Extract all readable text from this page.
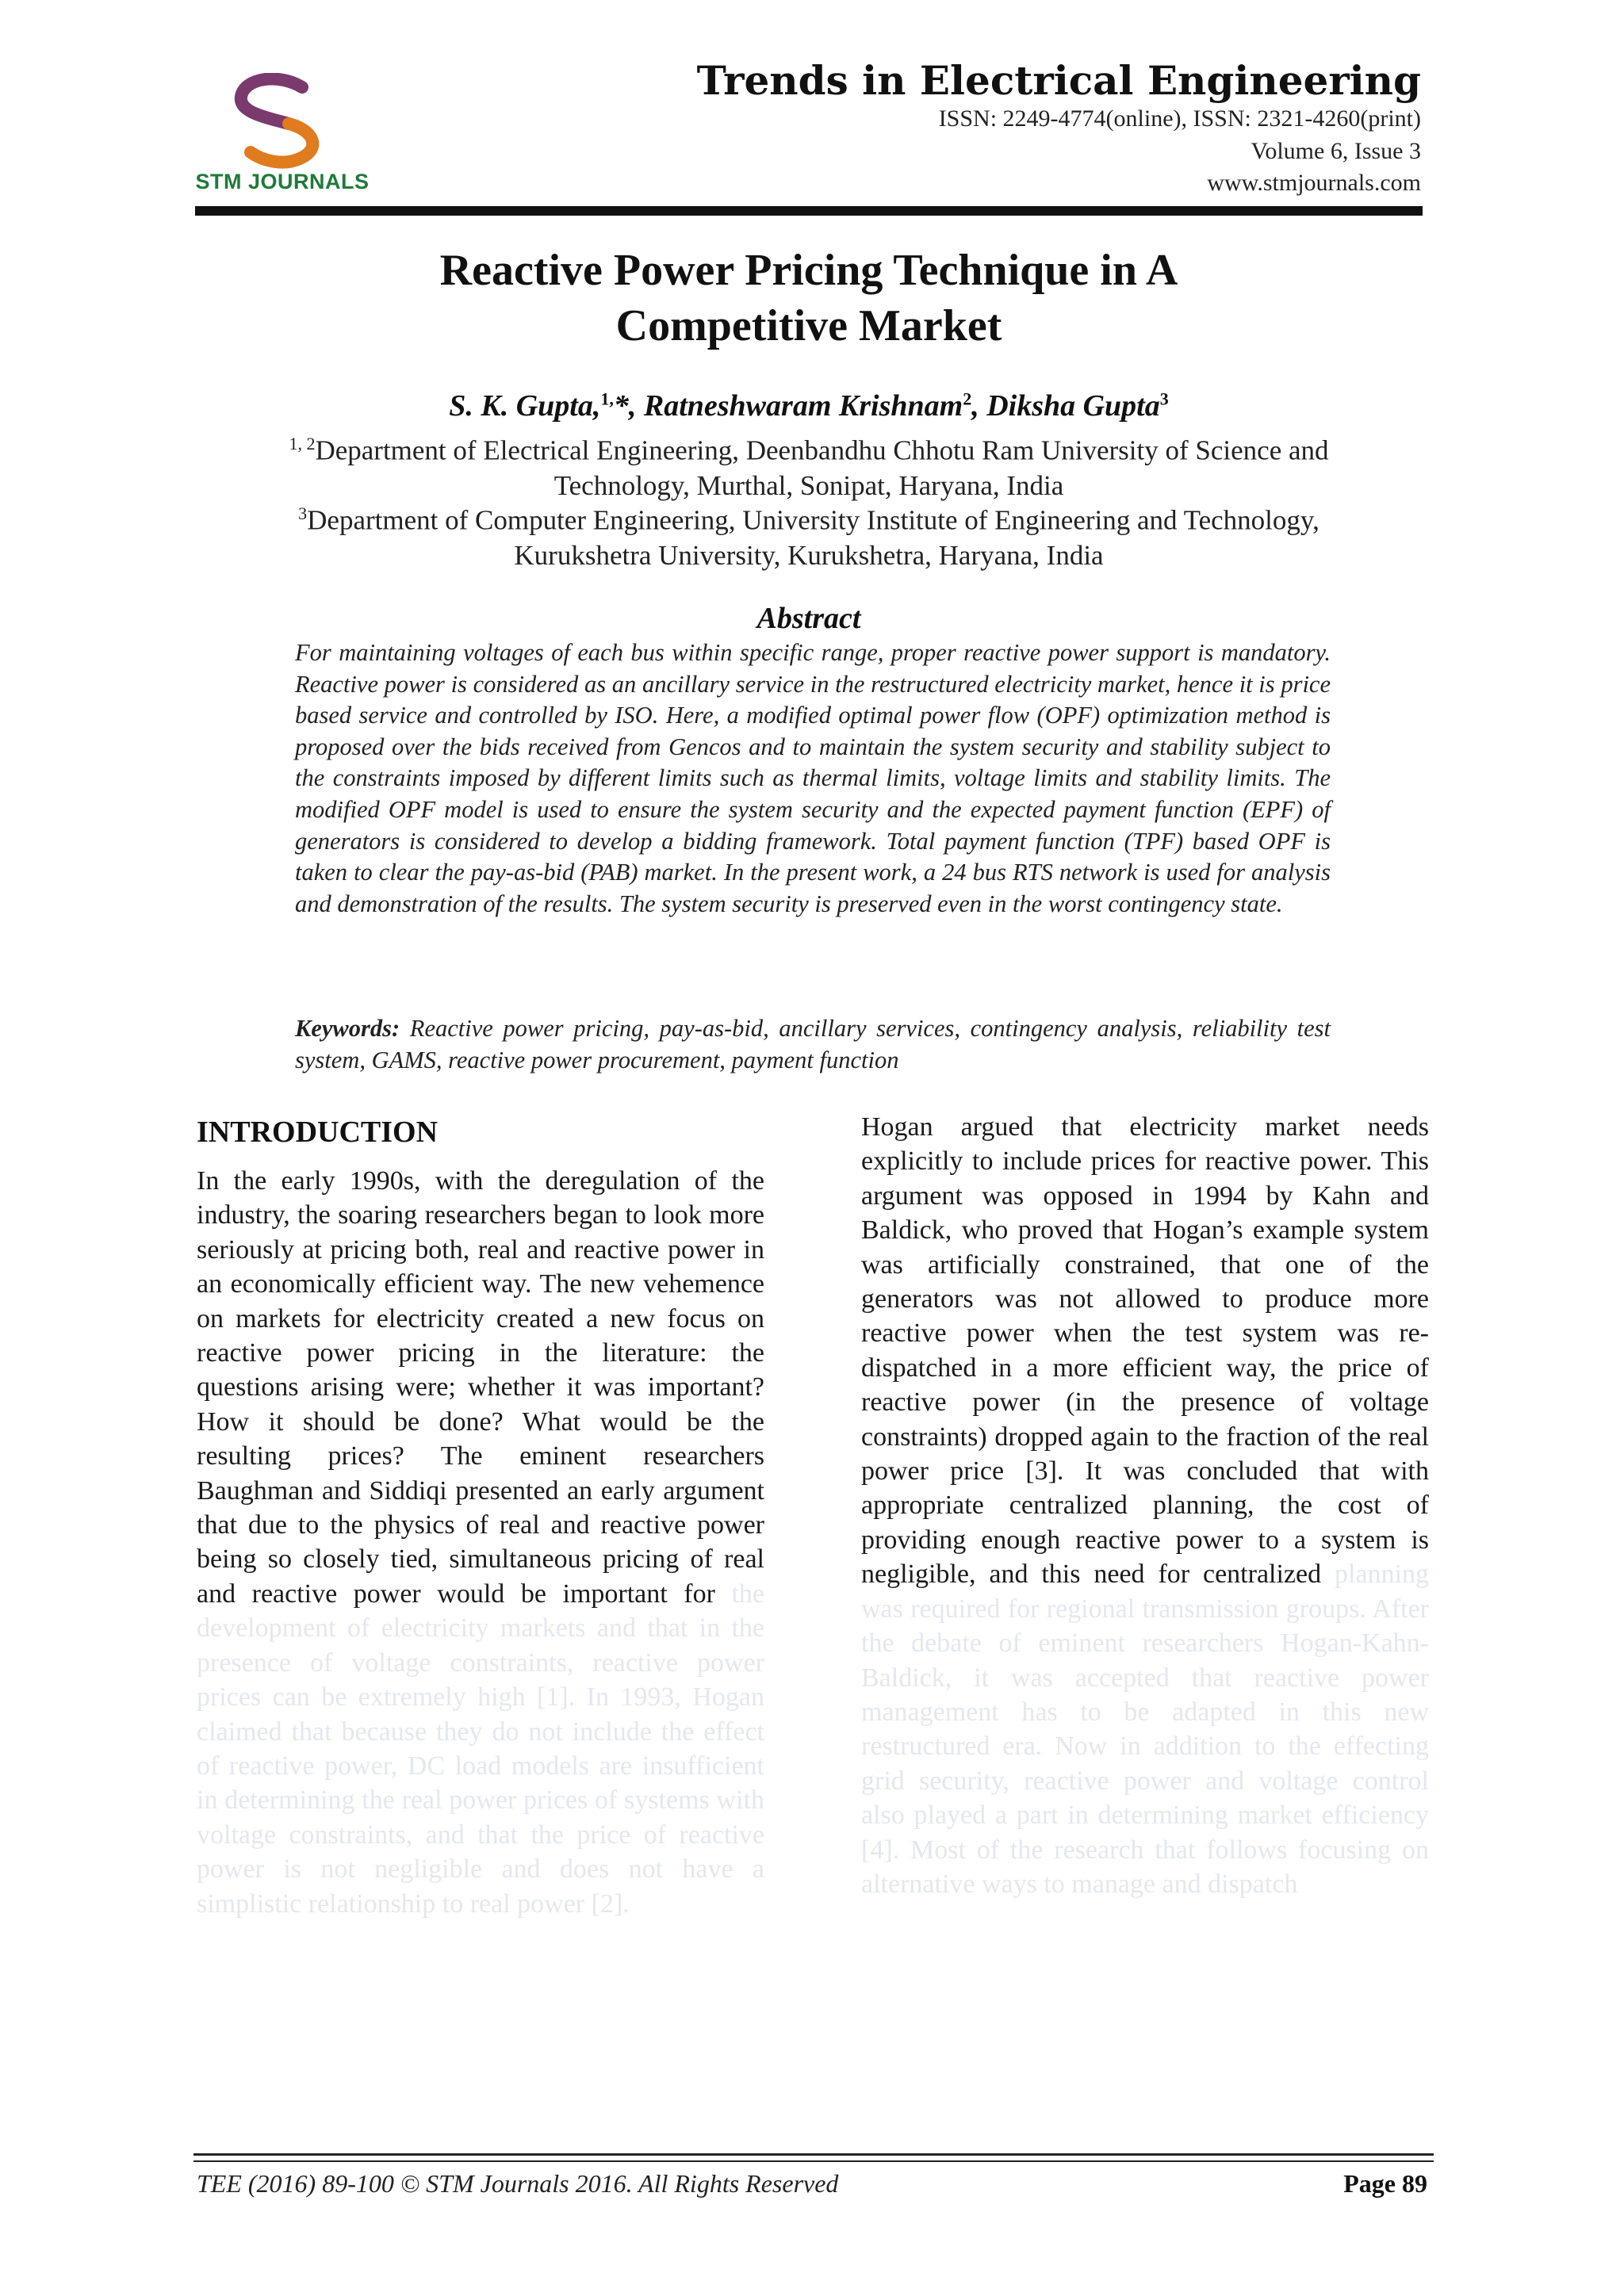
STM JOURNALS
Trends in Electrical Engineering
ISSN: 2249-4774(online), ISSN: 2321-4260(print)
Volume 6, Issue 3
www.stmjournals.com
Reactive Power Pricing Technique in A
Competitive Market
S. K. Gupta,$^{1,}$*, Ratneshwaram Krishnam$^2$, Diksha Gupta$^3$
$^{1, 2}$Department of Electrical Engineering, Deenbandhu Chhotu Ram University of Science and
Technology, Murthal, Sonipat, Haryana, India
$^3$Department of Computer Engineering, University Institute of Engineering and Technology,
Kurukshetra University, Kurukshetra, Haryana, India
Abstract
For maintaining voltages of each bus within specific range, proper reactive power support is mandatory. Reactive power is considered as an ancillary service in the restructured electricity market, hence it is price based service and controlled by ISO. Here, a modified optimal power flow (OPF) optimization method is proposed over the bids received from Gencos and to maintain the system security and stability subject to the constraints imposed by different limits such as thermal limits, voltage limits and stability limits. The modified OPF model is used to ensure the system security and the expected payment function (EPF) of generators is considered to develop a bidding framework. Total payment function (TPF) based OPF is taken to clear the pay-as-bid (PAB) market. In the present work, a 24 bus RTS network is used for analysis and demonstration of the results. The system security is preserved even in the worst contingency state.
Keywords: Reactive power pricing, pay-as-bid, ancillary services, contingency analysis, reliability test system, GAMS, reactive power procurement, payment function
INTRODUCTION
In the early 1990s, with the deregulation of the industry, the soaring researchers began to look more seriously at pricing both, real and reactive power in an economically efficient way. The new vehemence on markets for electricity created a new focus on reactive power pricing in the literature: the questions arising were; whether it was important? How it should be done? What would be the resulting prices? The eminent researchers Baughman and Siddiqi presented an early argument that due to the physics of real and reactive power being so closely tied, simultaneous pricing of real and reactive power would be important for the development of electricity markets and that in the presence of voltage constraints, reactive power prices can be extremely high [1]. In 1993, Hogan claimed that because they do not include the effect of reactive power, DC load models are insufficient in determining the real power prices of systems with voltage constraints, and that the price of reactive power is not negligible and does not have a simplistic relationship to real power [2].
Hogan argued that electricity market needs explicitly to include prices for reactive power. This argument was opposed in 1994 by Kahn and Baldick, who proved that Hogan’s example system was artificially constrained, that one of the generators was not allowed to produce more reactive power when the test system was re-dispatched in a more efficient way, the price of reactive power (in the presence of voltage constraints) dropped again to the fraction of the real power price [3]. It was concluded that with appropriate centralized planning, the cost of providing enough reactive power to a system is negligible, and this need for centralized planning was required for regional transmission groups. After the debate of eminent researchers Hogan-Kahn-Baldick, it was accepted that reactive power management has to be adapted in this new restructured era. Now in addition to the effecting grid security, reactive power and voltage control also played a part in determining market efficiency [4]. Most of the research that follows focusing on alternative ways to manage and dispatch
TEE (2016) 89-100 © STM Journals 2016. All Rights Reserved	Page 89
